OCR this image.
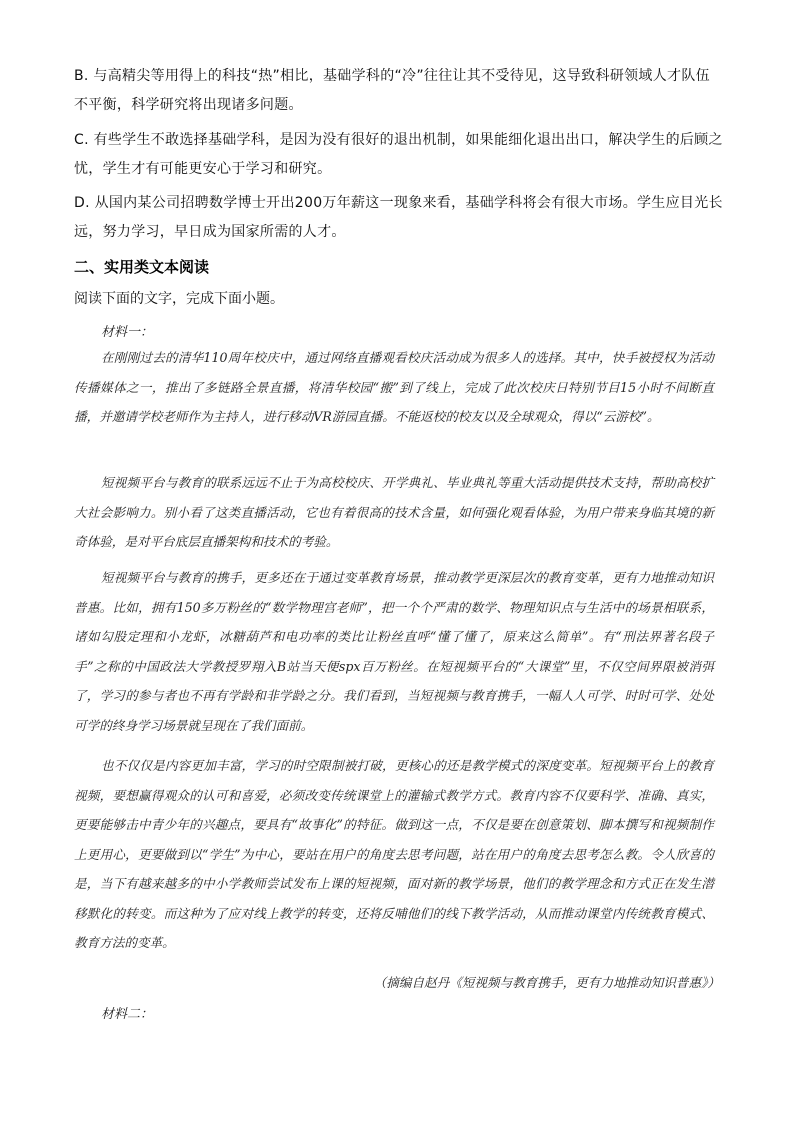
B. 与高精尖等用得上的科技“热”相比，基础学科的“冷”往往让其不受待见，这导致科研领域人才队伍不平衡，科学研究将出现诸多问题。

C. 有些学生不敢选择基础学科，是因为没有很好的退出机制，如果能细化退出出口，解决学生的后顾之忧，学生才有可能更安心于学习和研究。

D. 从国内某公司招聘数学博士开出200万年薪这一现象来看，基础学科将会有很大市场。学生应目光长远，努力学习，早日成为国家所需的人才。

二、实用类文本阅读

阅读下面的文字，完成下面小题。

材料一：

在刚刚过去的清华110周年校庆中，通过网络直播观看校庆活动成为很多人的选择。其中，快手被授权为活动传播媒体之一，推出了多链路全景直播，将清华校园“搬”到了线上，完成了此次校庆日特别节目15小时不间断直播，并邀请学校老师作为主持人，进行移动VR游园直播。不能返校的校友以及全球观众，得以“云游校”。

短视频平台与教育的联系远远不止于为高校校庆、开学典礼、毕业典礼等重大活动提供技术支持，帮助高校扩大社会影响力。别小看了这类直播活动，它也有着很高的技术含量，如何强化观看体验，为用户带来身临其境的新奇体验，是对平台底层直播架构和技术的考验。

短视频平台与教育的携手，更多还在于通过变革教育场景，推动教学更深层次的教育变革，更有力地推动知识普惠。比如，拥有150多万粉丝的“数学物理宫老师”，把一个个严肃的数学、物理知识点与生活中的场景相联系，诸如勾股定理和小龙虾，冰糖葫芦和电功率的类比让粉丝直呼“懂了懂了，原来这么简单”。有“刑法界著名段子手”之称的中国政法大学教授罗翔入B站当天便spx百万粉丝。在短视频平台的“大课堂”里，不仅空间界限被消弭了，学习的参与者也不再有学龄和非学龄之分。我们看到，当短视频与教育携手，一幅人人可学、时时可学、处处可学的终身学习场景就呈现在了我们面前。

也不仅仅是内容更加丰富，学习的时空限制被打破，更核心的还是教学模式的深度变革。短视频平台上的教育视频，要想赢得观众的认可和喜爱，必须改变传统课堂上的灌输式教学方式。教育内容不仅要科学、准确、真实，更要能够击中青少年的兴趣点，要具有“故事化”的特征。做到这一点，不仅是要在创意策划、脚本撰写和视频制作上更用心，更要做到以“学生”为中心，要站在用户的角度去思考问题，站在用户的角度去思考怎么教。令人欣喜的是，当下有越来越多的中小学教师尝试发布上课的短视频，面对新的教学场景，他们的教学理念和方式正在发生潜移默化的转变。而这种为了应对线上教学的转变，还将反哺他们的线下教学活动，从而推动课堂内传统教育模式、教育方法的变革。

（摘编自赵丹《短视频与教育携手，更有力地推动知识普惠》）

材料二：
